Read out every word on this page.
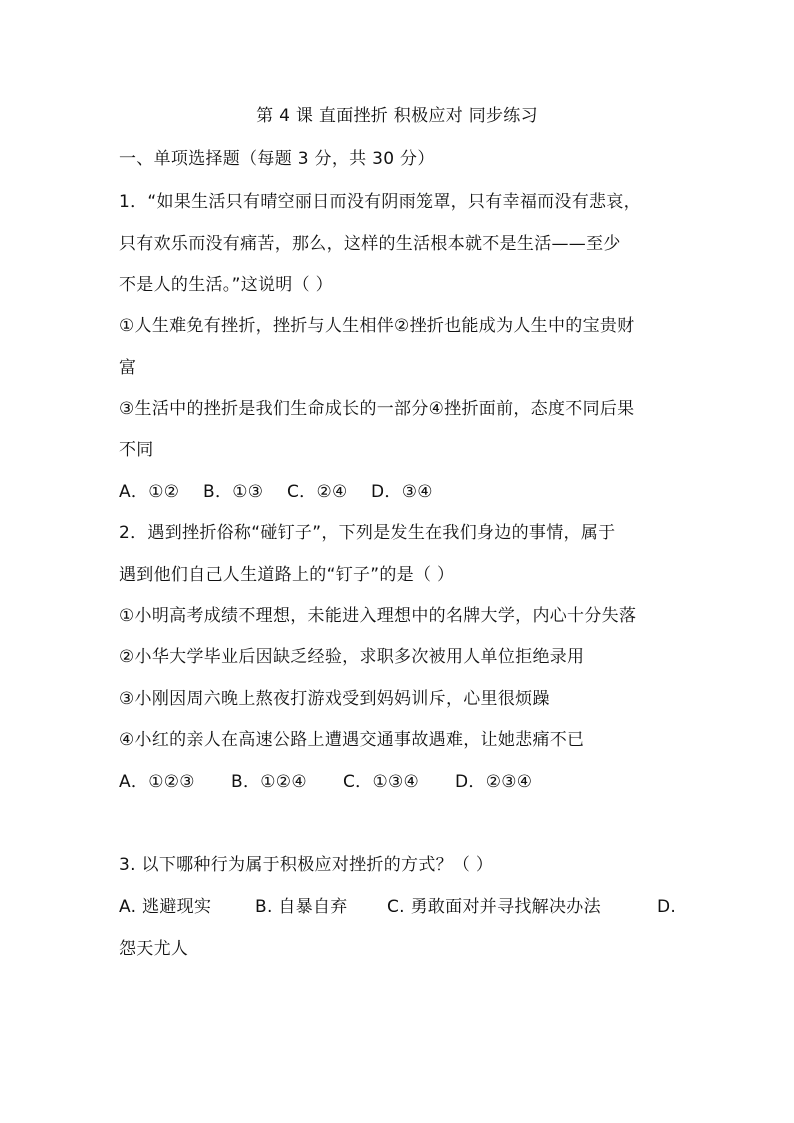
第 4 课 直面挫折 积极应对 同步练习
一、单项选择题（每题 3 分，共 30 分）
1．“如果生活只有晴空丽日而没有阴雨笼罩，只有幸福而没有悲哀，
只有欢乐而没有痛苦，那么，这样的生活根本就不是生活——至少
不是人的生活。”这说明（ ）
①人生难免有挫折，挫折与人生相伴②挫折也能成为人生中的宝贵财
富
③生活中的挫折是我们生命成长的一部分④挫折面前，态度不同后果
不同
A．①② B．①③ C．②④ D．③④
2．遇到挫折俗称“碰钉子”，下列是发生在我们身边的事情，属于
遇到他们自己人生道路上的“钉子”的是（ ）
①小明高考成绩不理想，未能进入理想中的名牌大学，内心十分失落
②小华大学毕业后因缺乏经验，求职多次被用人单位拒绝录用
③小刚因周六晚上熬夜打游戏受到妈妈训斥，心里很烦躁
④小红的亲人在高速公路上遭遇交通事故遇难，让她悲痛不已
A．①②③ B．①②④ C．①③④ D．②③④
3. 以下哪种行为属于积极应对挫折的方式？（ ）
A. 逃避现实	B. 自暴自弃 C. 勇敢面对并寻找解决办法	D.
怨天尤人
